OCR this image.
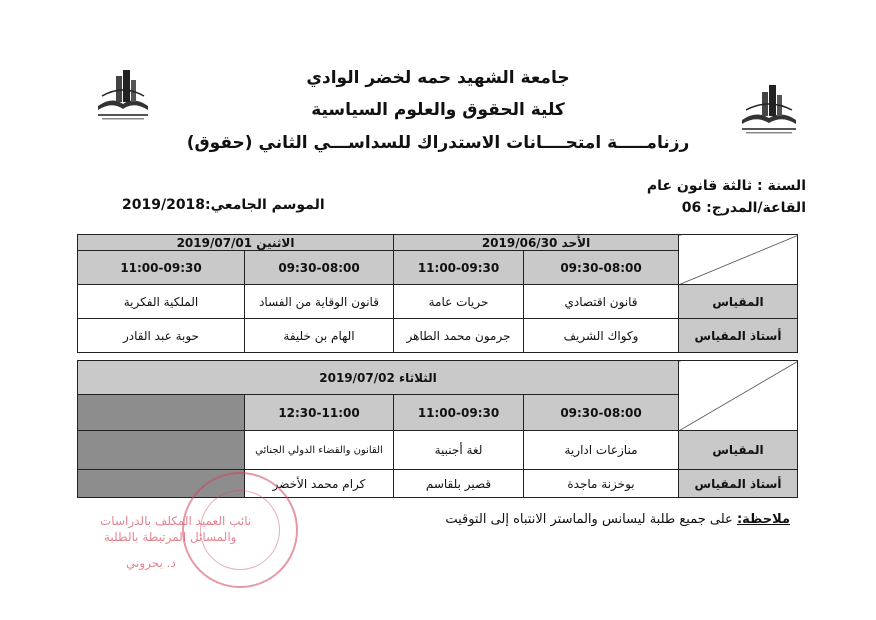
جامعة الشهيد حمه لخضر الوادي
كلية الحقوق والعلوم السياسية
رزنامـــــة امتحــــانات الاستدراك للسداســـي الثاني (حقوق)
السنة : ثالثة قانون عام
القاعة/المدرج: 06
الموسم الجامعي:2019/2018
الاثنين 2019/07/01		الأحد 2019/06/30		
11:00-09:30	09:30-08:00	11:00-09:30	09:30-08:00	
الملكية الفكرية	قانون الوقاية من الفساد	حريات عامة	قانون اقتصادي	المقياس
حوبة عبد القادر	الهام بن خليفة	جرمون محمد الطاهر	وكواك الشريف	أستاذ المقياس
الثلاثاء 2019/07/02				
	12:30-11:00	11:00-09:30	09:30-08:00	
	القانون والقضاء الدولي الجنائي	لغة أجنبية	منازعات ادارية	المقياس
	كرام محمد الأخضر	قصير بلقاسم	بوخزنة ماجدة	أستاذ المقياس
ملاحظة: على جميع طلبة ليسانس والماستر الانتباه إلى التوقيت
نائب العميد المكلف بالدراسات
والمسائل المرتبطة بالطلبة
د. بحروني
